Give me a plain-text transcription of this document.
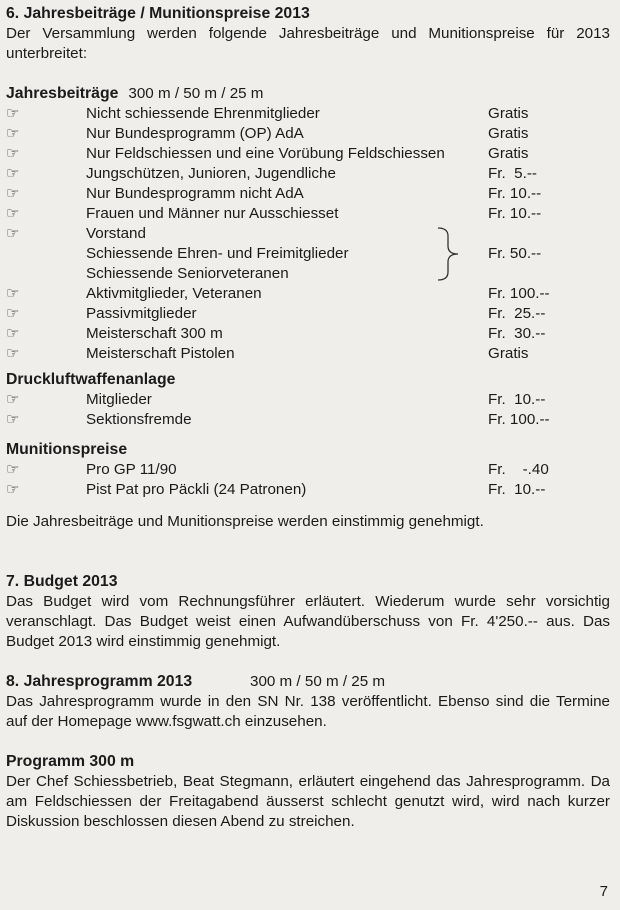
6. Jahresbeiträge / Munitionspreise 2013

Der Versammlung werden folgende Jahresbeiträge und Munitionspreise für 2013 unterbreitet:

Jahresbeiträge 300 m / 50 m / 25 m
☞	Nicht schiessende Ehrenmitglieder	Gratis
☞	Nur Bundesprogramm (OP) AdA	Gratis
☞	Nur Feldschiessen und eine Vorübung Feldschiessen	Gratis
☞	Jungschützen, Junioren, Jugendliche	Fr.  5.--
☞	Nur Bundesprogramm nicht AdA	Fr. 10.--
☞	Frauen und Männer nur Ausschiesset	Fr. 10.--
☞	Vorstand
Schiessende Ehren- und Freimitglieder	Fr. 50.--
Schiessende Seniorveteranen
☞	Aktivmitglieder, Veteranen	Fr. 100.--
☞	Passivmitglieder	Fr.  25.--
☞	Meisterschaft 300 m	Fr.  30.--
☞	Meisterschaft Pistolen	Gratis
Druckluftwaffenanlage
☞	Mitglieder	Fr.  10.--
☞	Sektionsfremde	Fr. 100.--
Munitionspreise
☞	Pro GP 11/90	Fr.    -.40
☞	Pist Pat pro Päckli (24 Patronen)	Fr.  10.--

Die Jahresbeiträge und Munitionspreise werden einstimmig genehmigt.

7. Budget 2013

Das Budget wird vom Rechnungsführer erläutert. Wiederum wurde sehr vorsichtig veranschlagt. Das Budget weist einen Aufwandüberschuss von Fr. 4'250.-- aus. Das Budget 2013 wird einstimmig genehmigt.

8. Jahresprogramm 2013	300 m / 50 m / 25 m

Das Jahresprogramm wurde in den SN Nr. 138 veröffentlicht. Ebenso sind die Termine auf der Homepage www.fsgwatt.ch einzusehen.

Programm 300 m

Der Chef Schiessbetrieb, Beat Stegmann, erläutert eingehend das Jahresprogramm. Da am Feldschiessen der Freitagabend äusserst schlecht genutzt wird, wird nach kurzer Diskussion beschlossen diesen Abend zu streichen.

7
